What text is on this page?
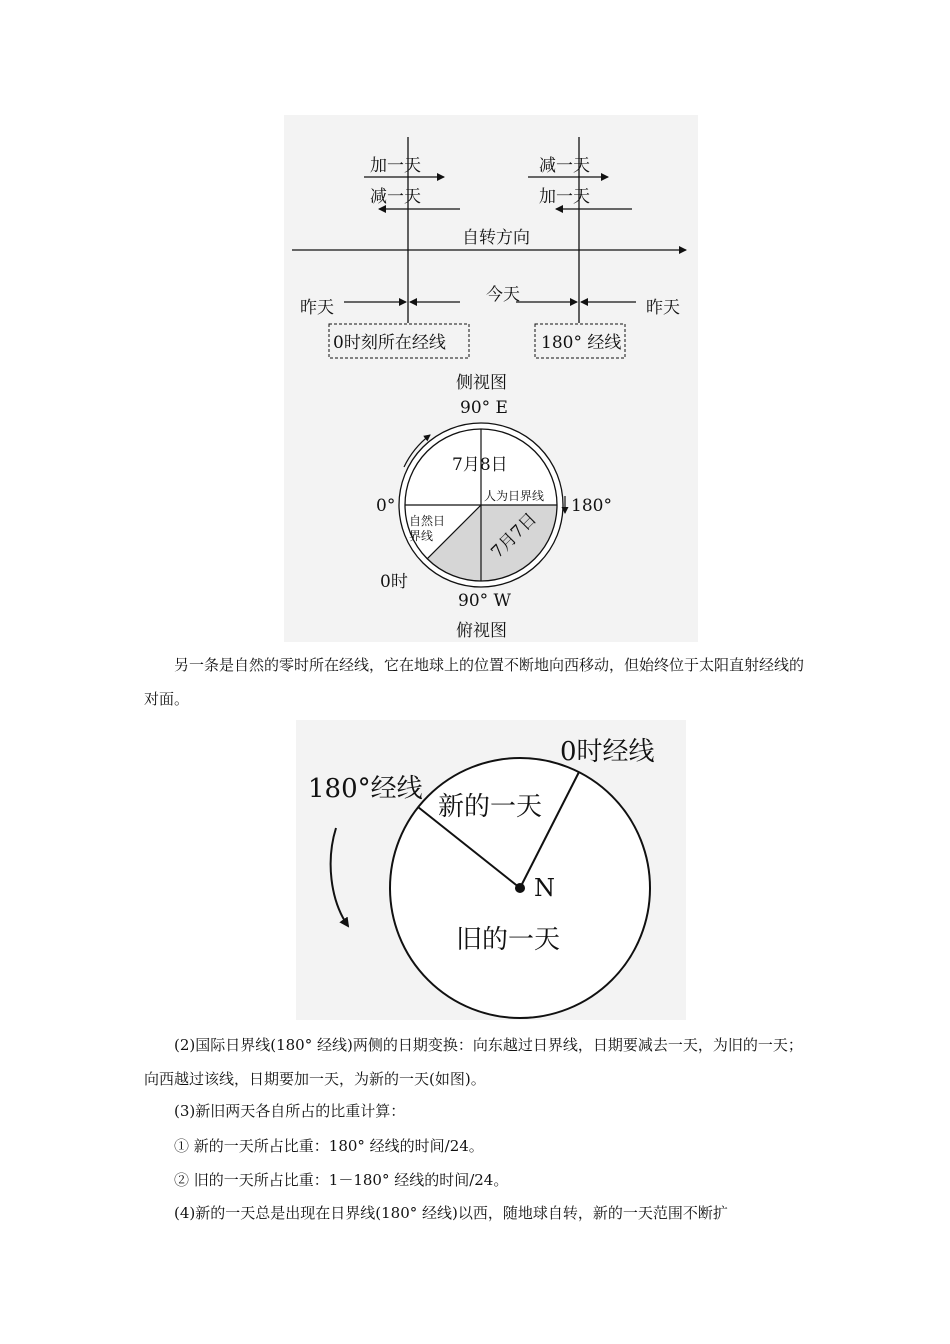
加一天
减一天
减一天
加一天
自转方向
昨天
今天
昨天
0时刻所在经线	180° 经线
侧视图
90° E
0°	180°
7月8日
人为日界线
自然日
界线	7月7日
0时
90° W
俯视图
另一条是自然的零时所在经线，它在地球上的位置不断地向西移动，但始终位于太阳直射经线的对面。
0时经线
180°经线
新的一天
N
旧的一天
(2)国际日界线(180° 经线)两侧的日期变换：向东越过日界线，日期要减去一天，为旧的一天；向西越过该线，日期要加一天，为新的一天(如图)。
(3)新旧两天各自所占的比重计算：
① 新的一天所占比重：180° 经线的时间/24。
② 旧的一天所占比重：1－180° 经线的时间/24。
(4)新的一天总是出现在日界线(180° 经线)以西，随地球自转，新的一天范围不断扩
